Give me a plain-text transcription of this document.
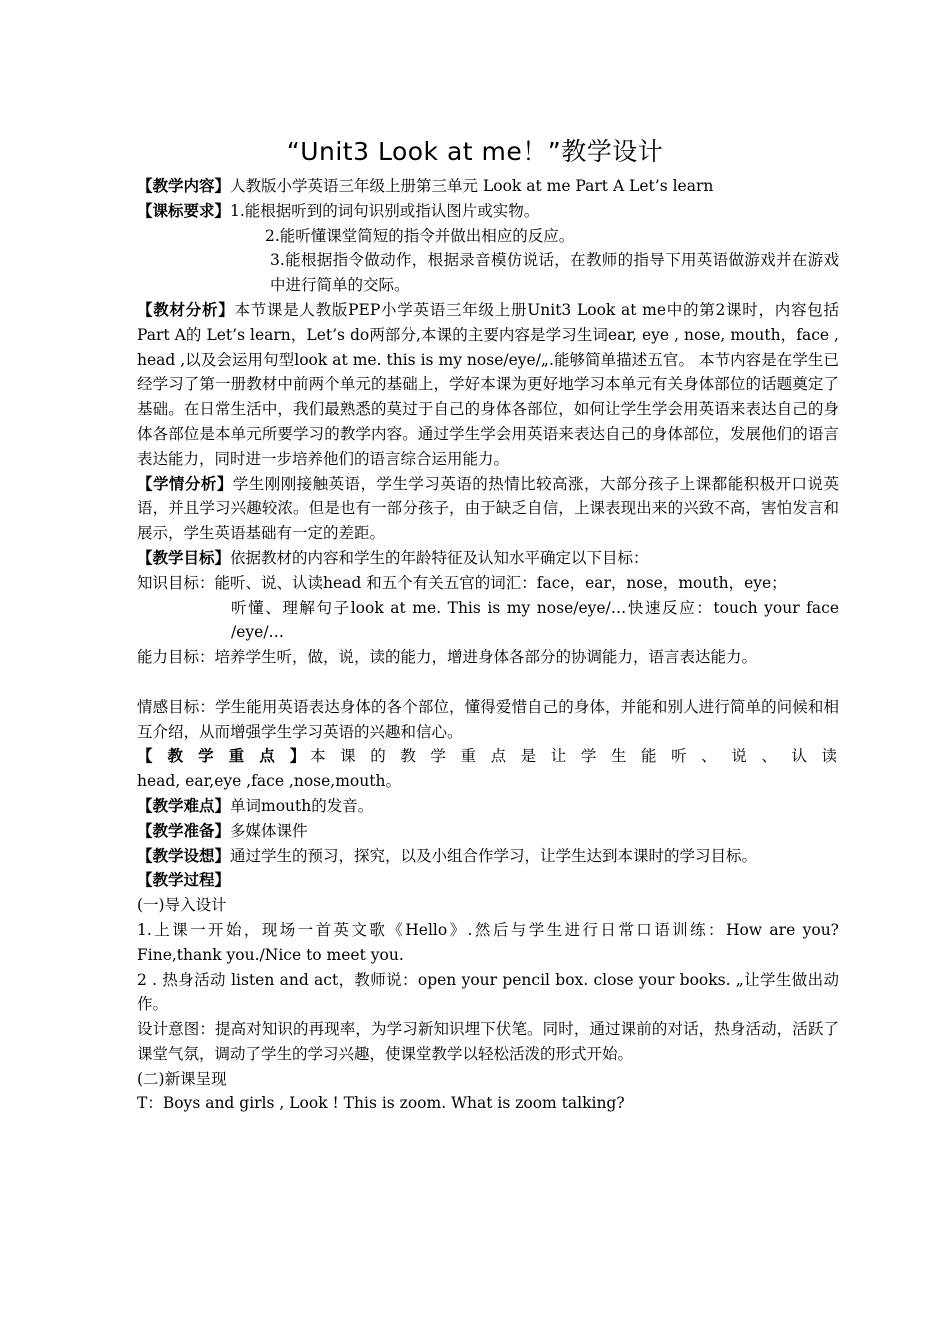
“Unit3 Look at me！”教学设计

【教学内容】人教版小学英语三年级上册第三单元 Look at me Part A Let’s learn

【课标要求】1.能根据听到的词句识别或指认图片或实物。

2.能听懂课堂简短的指令并做出相应的反应。

3.能根据指令做动作，根据录音模仿说话，在教师的指导下用英语做游戏并在游戏中进行简单的交际。

【教材分析】本节课是人教版PEP小学英语三年级上册Unit3 Look at me中的第2课时，内容包括Part A的 Let’s learn，Let’s do两部分,本课的主要内容是学习生词ear, eye , nose, mouth，face , head ,以及会运用句型look at me. this is my nose/eye/„.能够简单描述五官。 本节内容是在学生已经学习了第一册教材中前两个单元的基础上，学好本课为更好地学习本单元有关身体部位的话题奠定了基础。在日常生活中，我们最熟悉的莫过于自己的身体各部位，如何让学生学会用英语来表达自己的身体各部位是本单元所要学习的教学内容。通过学生学会用英语来表达自己的身体部位，发展他们的语言表达能力，同时进一步培养他们的语言综合运用能力。

【学情分析】学生刚刚接触英语，学生学习英语的热情比较高涨，大部分孩子上课都能积极开口说英语，并且学习兴趣较浓。但是也有一部分孩子，由于缺乏自信，上课表现出来的兴致不高，害怕发言和展示，学生英语基础有一定的差距。

【教学目标】依据教材的内容和学生的年龄特征及认知水平确定以下目标：

知识目标：能听、说、认读head 和五个有关五官的词汇：face，ear，nose，mouth，eye；

听懂、理解句子look at me. This is my nose/eye/…快速反应：touch your face /eye/…

能力目标：培养学生听，做，说，读的能力，增进身体各部分的协调能力，语言表达能力。

情感目标：学生能用英语表达身体的各个部位，懂得爱惜自己的身体，并能和别人进行简单的问候和相互介绍，从而增强学生学习英语的兴趣和信心。

【 教 学 重 点 】本 课 的 教 学 重 点 是 让 学 生 能 听 、 说 、 认 读

head, ear,eye ,face ,nose,mouth。

【教学难点】单词mouth的发音。

【教学准备】多媒体课件

【教学设想】通过学生的预习，探究，以及小组合作学习，让学生达到本课时的学习目标。

【教学过程】

(一)导入设计

1.上课一开始，现场一首英文歌《Hello》.然后与学生进行日常口语训练：How are you? Fine,thank you./Nice to meet you.

2 . 热身活动 listen and act，教师说：open your pencil box. close your books. „让学生做出动作。

设计意图：提高对知识的再现率，为学习新知识埋下伏笔。同时，通过课前的对话，热身活动，活跃了课堂气氛，调动了学生的学习兴趣，使课堂教学以轻松活泼的形式开始。

(二)新课呈现

T：Boys and girls , Look ! This is zoom. What is zoom talking?
